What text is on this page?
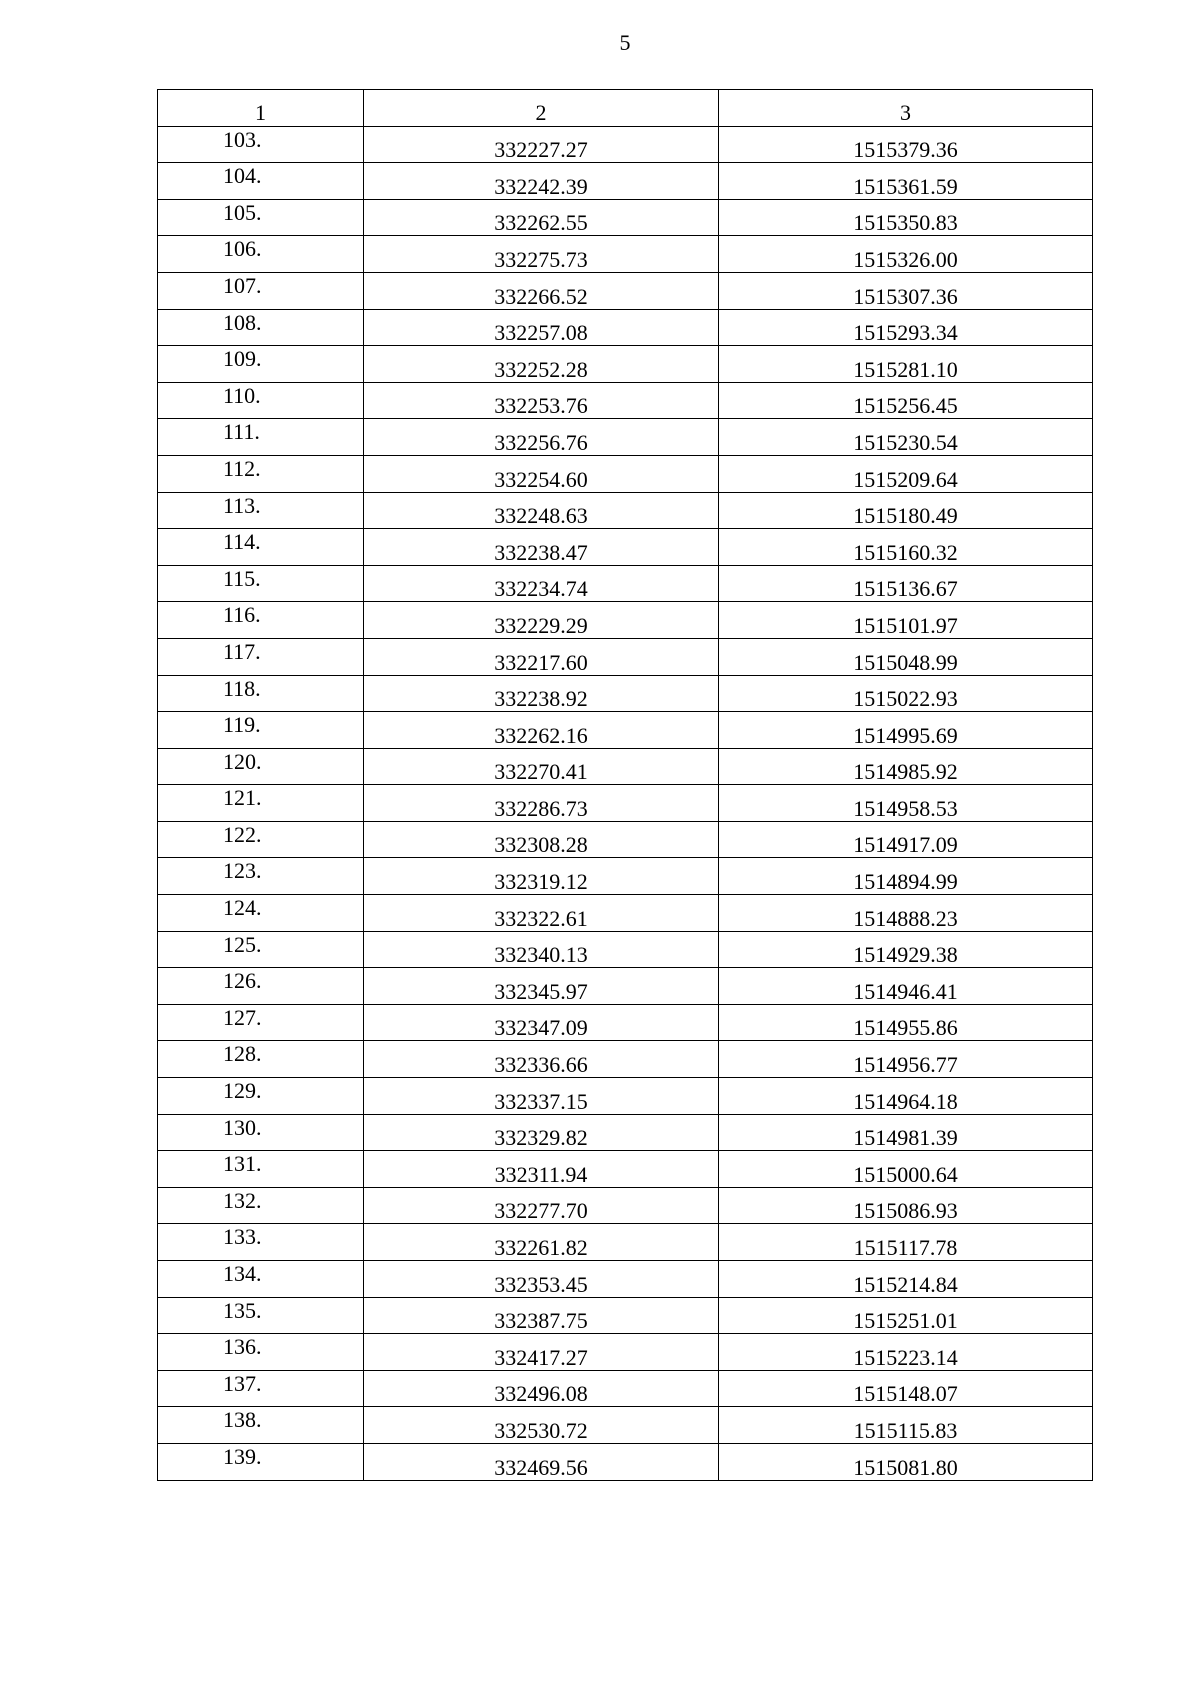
5
1	2	3
103.	332227.27	1515379.36
104.	332242.39	1515361.59
105.	332262.55	1515350.83
106.	332275.73	1515326.00
107.	332266.52	1515307.36
108.	332257.08	1515293.34
109.	332252.28	1515281.10
110.	332253.76	1515256.45
111.	332256.76	1515230.54
112.	332254.60	1515209.64
113.	332248.63	1515180.49
114.	332238.47	1515160.32
115.	332234.74	1515136.67
116.	332229.29	1515101.97
117.	332217.60	1515048.99
118.	332238.92	1515022.93
119.	332262.16	1514995.69
120.	332270.41	1514985.92
121.	332286.73	1514958.53
122.	332308.28	1514917.09
123.	332319.12	1514894.99
124.	332322.61	1514888.23
125.	332340.13	1514929.38
126.	332345.97	1514946.41
127.	332347.09	1514955.86
128.	332336.66	1514956.77
129.	332337.15	1514964.18
130.	332329.82	1514981.39
131.	332311.94	1515000.64
132.	332277.70	1515086.93
133.	332261.82	1515117.78
134.	332353.45	1515214.84
135.	332387.75	1515251.01
136.	332417.27	1515223.14
137.	332496.08	1515148.07
138.	332530.72	1515115.83
139.	332469.56	1515081.80
